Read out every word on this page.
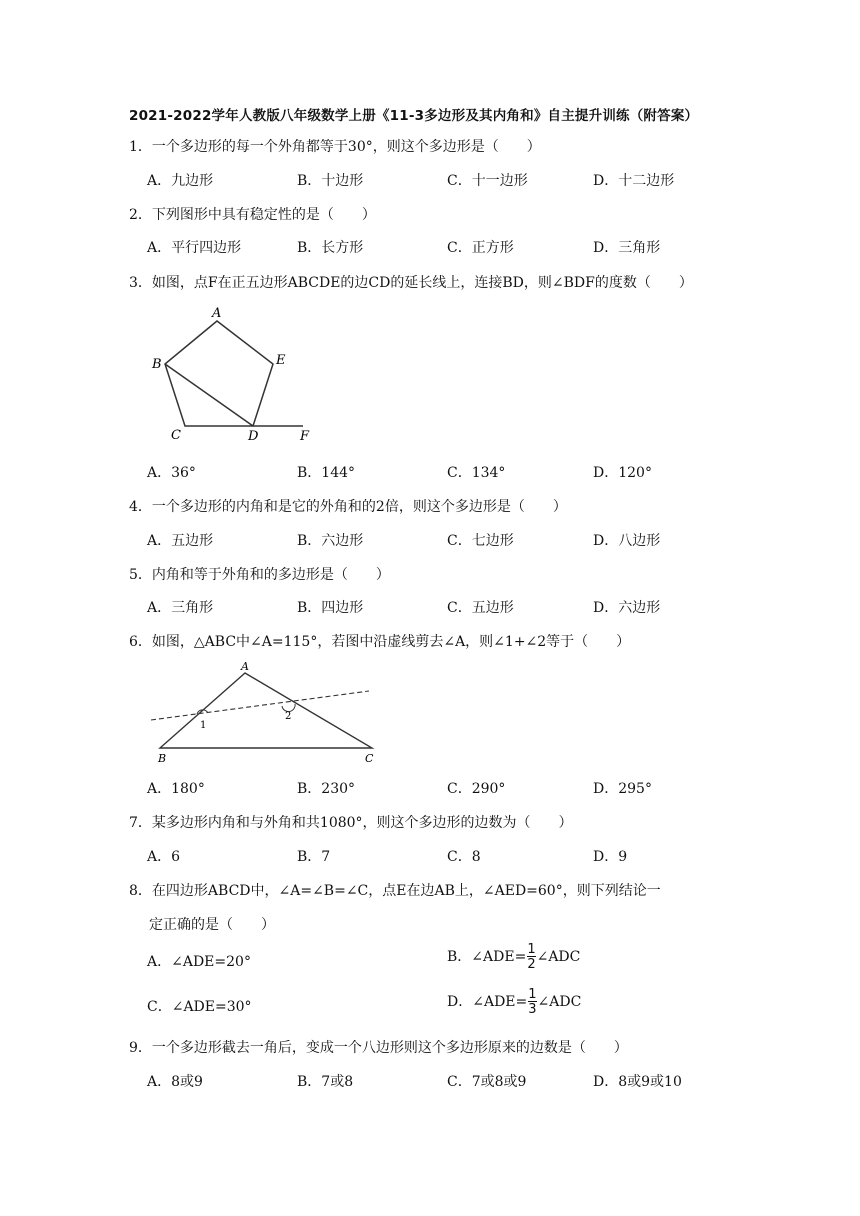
2021-2022学年人教版八年级数学上册《11-3多边形及其内角和》自主提升训练（附答案）
1．一个多边形的每一个外角都等于30°，则这个多边形是（　　）
A．九边形	B．十边形	C．十一边形	D．十二边形
2．下列图形中具有稳定性的是（　　）
A．平行四边形	B．长方形	C．正方形	D．三角形
3．如图，点F在正五边形ABCDE的边CD的延长线上，连接BD，则∠BDF的度数（　　）
A
B
C	D
E
F
A．36°	B．144°	C．134°	D．120°
4．一个多边形的内角和是它的外角和的2倍，则这个多边形是（　　）
A．五边形	B．六边形	C．七边形	D．八边形
5．内角和等于外角和的多边形是（　　）
A．三角形	B．四边形	C．五边形	D．六边形
6．如图，△ABC中∠A=115°，若图中沿虚线剪去∠A，则∠1+∠2等于（　　）
A
B	C
1
2
A．180°	B．230°	C．290°	D．295°
7．某多边形内角和与外角和共1080°，则这个多边形的边数为（　　）
A．6	B．7	C．8	D．9
8．在四边形ABCD中，∠A=∠B=∠C，点E在边AB上，∠AED=60°，则下列结论一
定正确的是（　　）
A．∠ADE=20°	B．∠ADE= $\frac{1}{2}$ ∠ADC
C．∠ADE=30°	D．∠ADE= $\frac{1}{3}$ ∠ADC
9．一个多边形截去一角后，变成一个八边形则这个多边形原来的边数是（　　）
A．8或9	B．7或8	C．7或8或9	D．8或9或10
